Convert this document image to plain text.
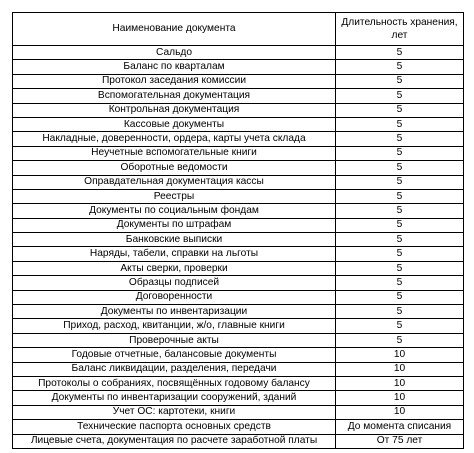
Наименование документа	Длительность хранения, лет
Сальдо	5
Баланс по кварталам	5
Протокол заседания комиссии	5
Вспомогательная документация	5
Контрольная документация	5
Кассовые документы	5
Накладные, доверенности, ордера, карты учета склада	5
Неучетные вспомогательные книги	5
Оборотные ведомости	5
Оправдательная документация кассы	5
Реестры	5
Документы по социальным фондам	5
Документы по штрафам	5
Банковские выписки	5
Наряды, табели, справки на льготы	5
Акты сверки, проверки	5
Образцы подписей	5
Договоренности	5
Документы по инвентаризации	5
Приход, расход, квитанции, ж/о, главные книги	5
Проверочные акты	5
Годовые отчетные, балансовые документы	10
Баланс ликвидации, разделения, передачи	10
Протоколы о собраниях, посвящённых годовому балансу	10
Документы по инвентаризации сооружений, зданий	10
Учет ОС: картотеки, книги	10
Технические паспорта основных средств	До момента списания
Лицевые счета, документация по расчете заработной платы	От 75 лет
